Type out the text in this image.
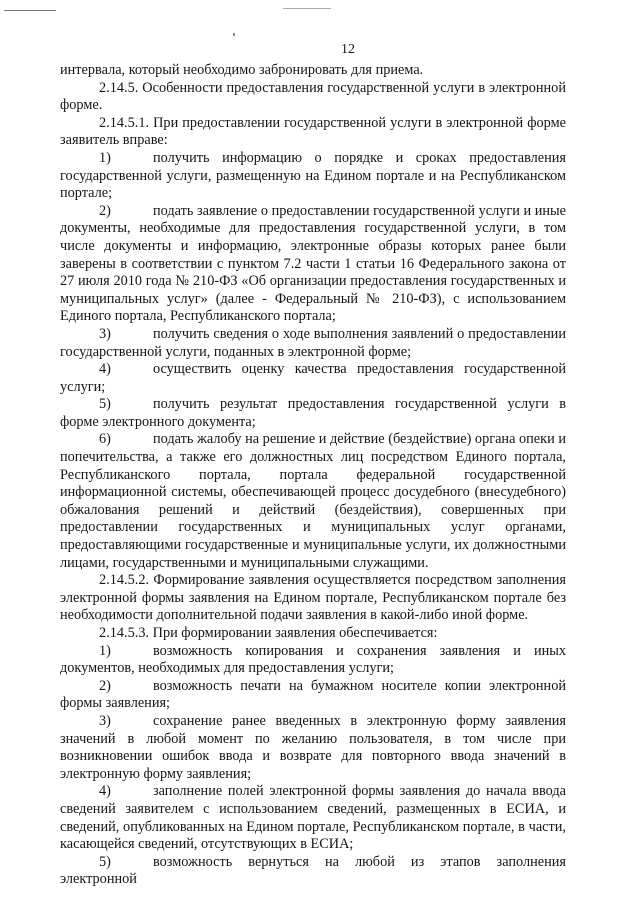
12

интервала, который необходимо забронировать для приема.

2.14.5. Особенности предоставления государственной услуги в электронной форме.

2.14.5.1. При предоставлении государственной услуги в электронной форме заявитель вправе:

1)	получить информацию о порядке и сроках предоставления государственной услуги, размещенную на Едином портале и на Республиканском портале;

2)	подать заявление о предоставлении государственной услуги и иные документы, необходимые для предоставления государственной услуги, в том числе документы и информацию, электронные образы которых ранее были заверены в соответствии с пунктом 7.2 части 1 статьи 16 Федерального закона от 27 июля 2010 года № 210-ФЗ «Об организации предоставления государственных и муниципальных услуг» (далее - Федеральный № 210-ФЗ), с использованием Единого портала, Республиканского портала;

3)	получить сведения о ходе выполнения заявлений о предоставлении государственной услуги, поданных в электронной форме;

4)	осуществить оценку качества предоставления государственной услуги;

5)	получить результат предоставления государственной услуги в форме электронного документа;

6)	подать жалобу на решение и действие (бездействие) органа опеки и попечительства, а также его должностных лиц посредством Единого портала, Республиканского портала, портала федеральной государственной информационной системы, обеспечивающей процесс досудебного (внесудебного) обжалования решений и действий (бездействия), совершенных при предоставлении государственных и муниципальных услуг органами, предоставляющими государственные и муниципальные услуги, их должностными лицами, государственными и муниципальными служащими.

2.14.5.2. Формирование заявления осуществляется посредством заполнения электронной формы заявления на Едином портале, Республиканском портале без необходимости дополнительной подачи заявления в какой-либо иной форме.

2.14.5.3. При формировании заявления обеспечивается:

1)	возможность копирования и сохранения заявления и иных документов, необходимых для предоставления услуги;

2)	возможность печати на бумажном носителе копии электронной формы заявления;

3)	сохранение ранее введенных в электронную форму заявления значений в любой момент по желанию пользователя, в том числе при возникновении ошибок ввода и возврате для повторного ввода значений в электронную форму заявления;

4)	заполнение полей электронной формы заявления до начала ввода сведений заявителем с использованием сведений, размещенных в ЕСИА, и сведений, опубликованных на Едином портале, Республиканском портале, в части, касающейся сведений, отсутствующих в ЕСИА;

5)	возможность вернуться на любой из этапов заполнения электронной
